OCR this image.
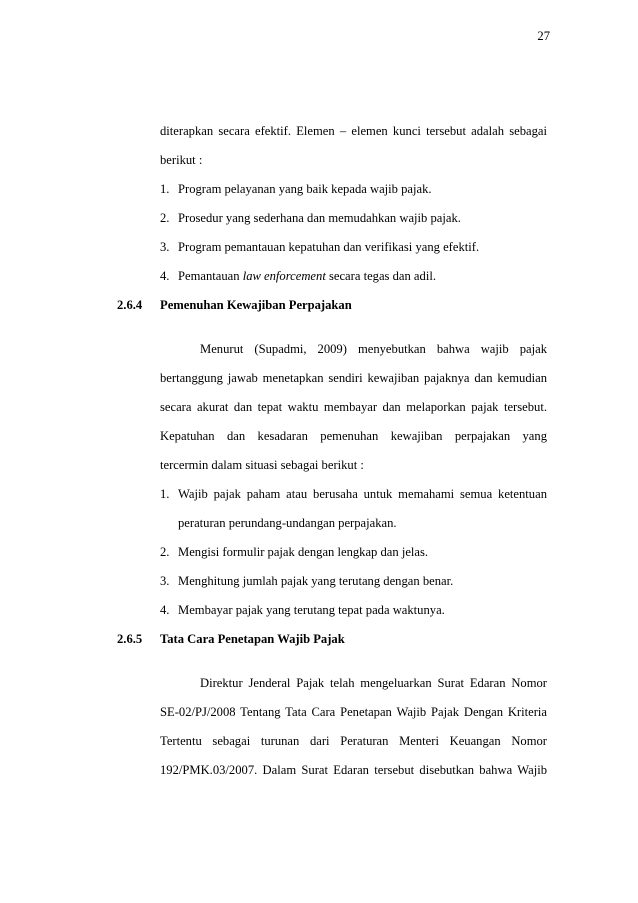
27
diterapkan secara efektif. Elemen – elemen kunci tersebut adalah sebagai
berikut :
1. Program pelayanan yang baik kepada wajib pajak.
2. Prosedur yang sederhana dan memudahkan wajib pajak.
3. Program pemantauan kepatuhan dan verifikasi yang efektif.
4. Pemantauan law enforcement secara tegas dan adil.
2.6.4 Pemenuhan Kewajiban Perpajakan
Menurut (Supadmi, 2009) menyebutkan bahwa wajib pajak
bertanggung jawab menetapkan sendiri kewajiban pajaknya dan kemudian
secara akurat dan tepat waktu membayar dan melaporkan pajak tersebut.
Kepatuhan dan kesadaran pemenuhan kewajiban perpajakan yang
tercermin dalam situasi sebagai berikut :
1. Wajib pajak paham atau berusaha untuk memahami semua ketentuan
peraturan perundang-undangan perpajakan.
2. Mengisi formulir pajak dengan lengkap dan jelas.
3. Menghitung jumlah pajak yang terutang dengan benar.
4. Membayar pajak yang terutang tepat pada waktunya.
2.6.5 Tata Cara Penetapan Wajib Pajak
Direktur Jenderal Pajak telah mengeluarkan Surat Edaran Nomor
SE-02/PJ/2008 Tentang Tata Cara Penetapan Wajib Pajak Dengan Kriteria
Tertentu sebagai turunan dari Peraturan Menteri Keuangan Nomor
192/PMK.03/2007. Dalam Surat Edaran tersebut disebutkan bahwa Wajib
